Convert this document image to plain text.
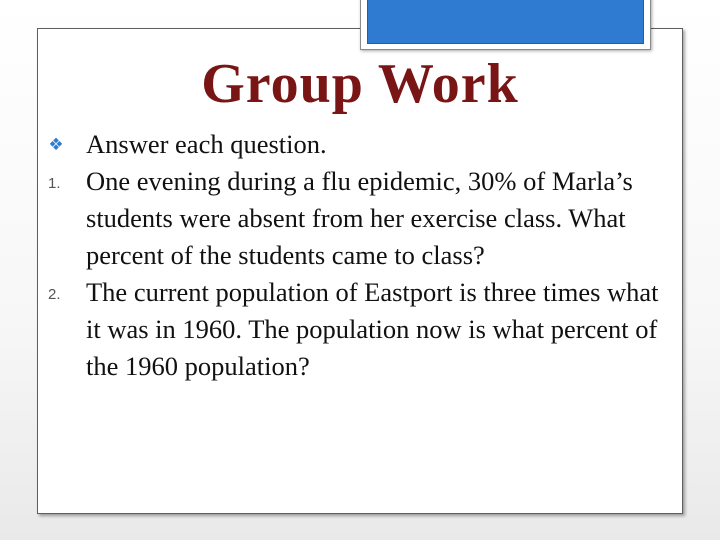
Group Work

❖ Answer each question.

1. One evening during a flu epidemic, 30% of Marla’s students were absent from her exercise class. What percent of the students came to class?

2. The current population of Eastport is three times what it was in 1960. The population now is what percent of the 1960 population?
